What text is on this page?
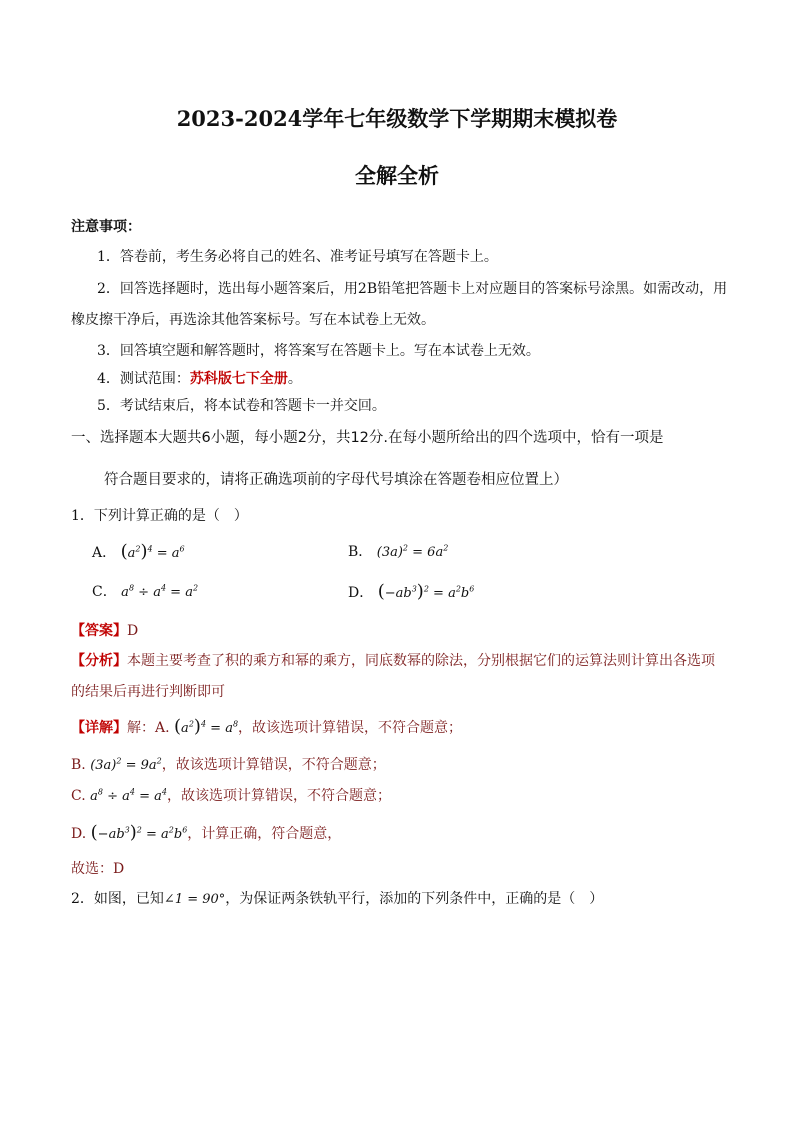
2023-2024学年七年级数学下学期期末模拟卷
全解全析
注意事项：
1．答卷前，考生务必将自己的姓名、准考证号填写在答题卡上。
2．回答选择题时，选出每小题答案后，用2B铅笔把答题卡上对应题目的答案标号涂黑。如需改动，用
橡皮擦干净后，再选涂其他答案标号。写在本试卷上无效。
3．回答填空题和解答题时，将答案写在答题卡上。写在本试卷上无效。
4．测试范围：苏科版七下全册。
5．考试结束后，将本试卷和答题卡一并交回。
一、选择题本大题共6小题，每小题2分，共12分.在每小题所给出的四个选项中，恰有一项是
符合题目要求的，请将正确选项前的字母代号填涂在答题卷相应位置上）
1．下列计算正确的是（　）
A． $(a^2)^4 = a^6$	B． $(3a)^2 = 6a^2$
C． $a^8 \div a^4 = a^2$	D． $(-ab^3)^2 = a^2b^6$
【答案】D
【分析】本题主要考查了积的乘方和幂的乘方，同底数幂的除法，分别根据它们的运算法则计算出各选项
的结果后再进行判断即可
【详解】解：A. $(a^2)^4 = a^8$，故该选项计算错误，不符合题意；
B. $(3a)^2 = 9a^2$，故该选项计算错误，不符合题意；
C. $a^8 \div a^4 = a^4$，故该选项计算错误，不符合题意；
D. $(-ab^3)^2 = a^2b^6$，计算正确，符合题意，
故选：D
2．如图，已知∠1 = 90°，为保证两条铁轨平行，添加的下列条件中，正确的是（　）
